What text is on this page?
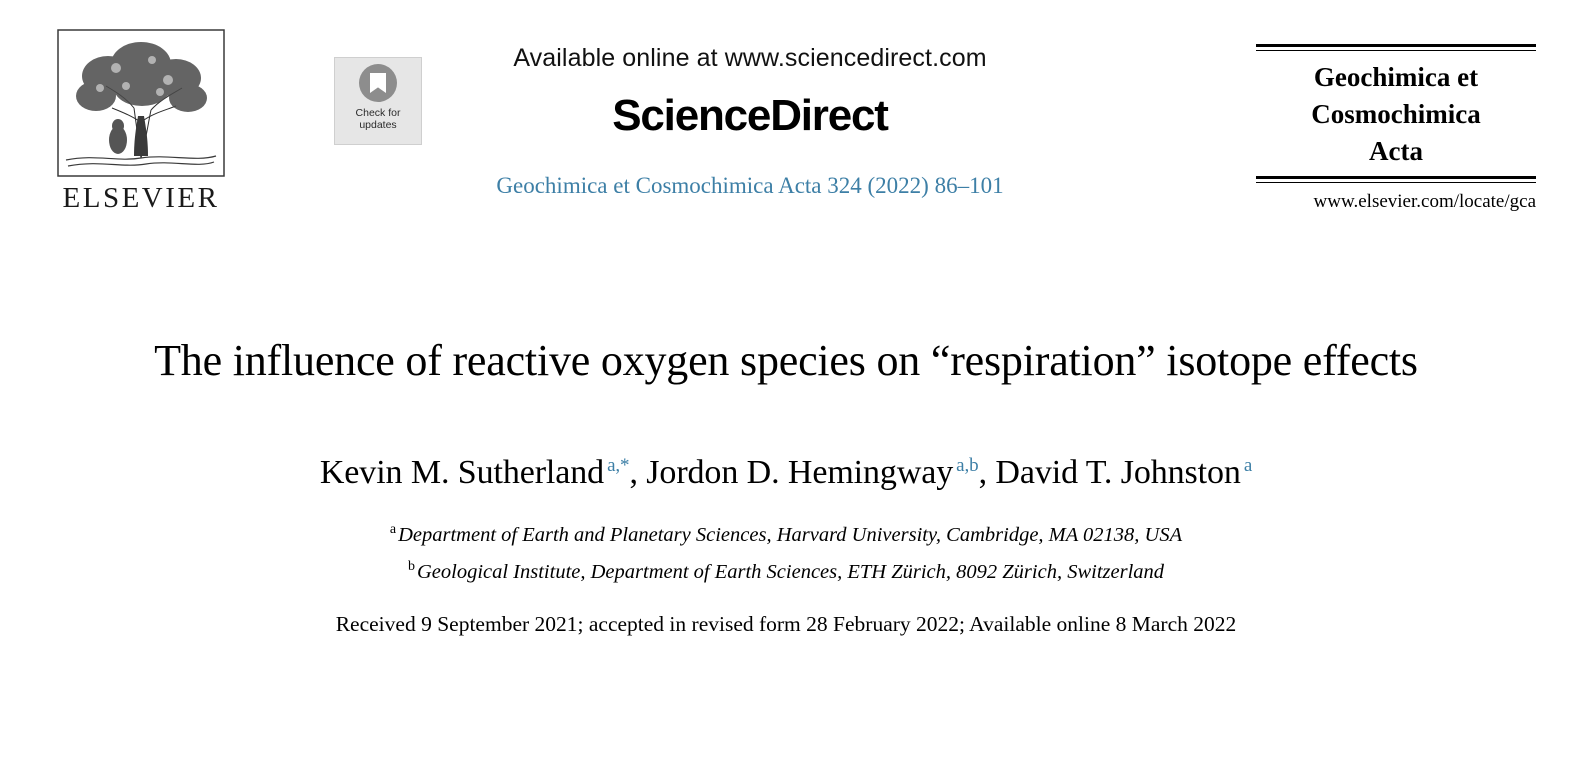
ELSEVIER
Check for
updates
Available online at www.sciencedirect.com
ScienceDirect
Geochimica et Cosmochimica Acta 324 (2022) 86–101
Geochimica et
Cosmochimica
Acta
www.elsevier.com/locate/gca
The influence of reactive oxygen species on “respiration” isotope effects
Kevin M. Sutherland $^{a,*}$, Jordon D. Hemingway $^{a,b}$, David T. Johnston $^a$
$^a$Department of Earth and Planetary Sciences, Harvard University, Cambridge, MA 02138, USA
$^b$Geological Institute, Department of Earth Sciences, ETH Zürich, 8092 Zürich, Switzerland
Received 9 September 2021; accepted in revised form 28 February 2022; Available online 8 March 2022
